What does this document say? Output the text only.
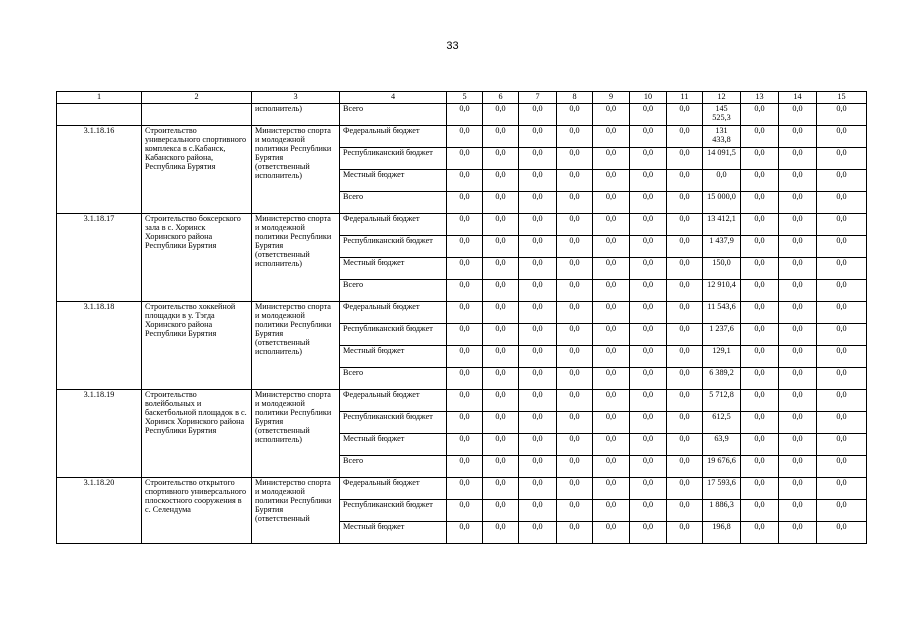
33
1	2	3	4	5	6	7	8	9	10	11	12	13	14	15
		исполнитель)	Всего	0,0	0,0	0,0	0,0	0,0	0,0	0,0	145 525,3	0,0	0,0	0,0
3.1.18.16	Строительство универсального спортивного комплекса в с.Кабанск, Кабанского района, Республика Бурятия	Министерство спорта и молодежной политики Республики Бурятия (ответственный исполнитель)	Федеральный бюджет	0,0	0,0	0,0	0,0	0,0	0,0	0,0	131 433,8	0,0	0,0	0,0
			Республиканский бюджет	0,0	0,0	0,0	0,0	0,0	0,0	0,0	14 091,5	0,0	0,0	0,0
			Местный бюджет	0,0	0,0	0,0	0,0	0,0	0,0	0,0	0,0	0,0	0,0	0,0
			Всего	0,0	0,0	0,0	0,0	0,0	0,0	0,0	15 000,0	0,0	0,0	0,0
3.1.18.17	Строительство боксерского зала в с. Хоринск Хоринского района Республики Бурятия	Министерство спорта и молодежной политики Республики Бурятия (ответственный исполнитель)	Федеральный бюджет	0,0	0,0	0,0	0,0	0,0	0,0	0,0	13 412,1	0,0	0,0	0,0
			Республиканский бюджет	0,0	0,0	0,0	0,0	0,0	0,0	0,0	1 437,9	0,0	0,0	0,0
			Местный бюджет	0,0	0,0	0,0	0,0	0,0	0,0	0,0	150,0	0,0	0,0	0,0
			Всего	0,0	0,0	0,0	0,0	0,0	0,0	0,0	12 910,4	0,0	0,0	0,0
3.1.18.18	Строительство хоккейной площадки в у. Тэгда Хоринского района Республики Бурятия	Министерство спорта и молодежной политики Республики Бурятия (ответственный исполнитель)	Федеральный бюджет	0,0	0,0	0,0	0,0	0,0	0,0	0,0	11 543,6	0,0	0,0	0,0
			Республиканский бюджет	0,0	0,0	0,0	0,0	0,0	0,0	0,0	1 237,6	0,0	0,0	0,0
			Местный бюджет	0,0	0,0	0,0	0,0	0,0	0,0	0,0	129,1	0,0	0,0	0,0
			Всего	0,0	0,0	0,0	0,0	0,0	0,0	0,0	6 389,2	0,0	0,0	0,0
3.1.18.19	Строительство волейбольных и баскетбольной площадок в с. Хоринск Хоринского района Республики Бурятия	Министерство спорта и молодежной политики Республики Бурятия (ответственный исполнитель)	Федеральный бюджет	0,0	0,0	0,0	0,0	0,0	0,0	0,0	5 712,8	0,0	0,0	0,0
			Республиканский бюджет	0,0	0,0	0,0	0,0	0,0	0,0	0,0	612,5	0,0	0,0	0,0
			Местный бюджет	0,0	0,0	0,0	0,0	0,0	0,0	0,0	63,9	0,0	0,0	0,0
			Всего	0,0	0,0	0,0	0,0	0,0	0,0	0,0	19 676,6	0,0	0,0	0,0
3.1.18.20	Строительство открытого спортивного универсального плоскостного сооружения в с. Селендума	Министерство спорта и молодежной политики Республики Бурятия (ответственный	Федеральный бюджет	0,0	0,0	0,0	0,0	0,0	0,0	0,0	17 593,6	0,0	0,0	0,0
			Республиканский бюджет	0,0	0,0	0,0	0,0	0,0	0,0	0,0	1 886,3	0,0	0,0	0,0
			Местный бюджет	0,0	0,0	0,0	0,0	0,0	0,0	0,0	196,8	0,0	0,0	0,0
